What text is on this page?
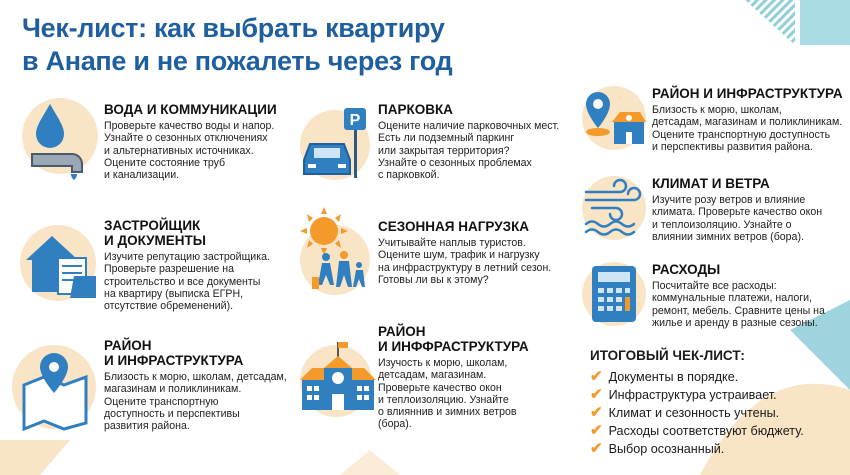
Чек-лист: как выбрать квартиру
в Анапе и не пожалеть через год
P
ВОДА И КОММУНИКАЦИИ

Проверьте качество воды и напор.
Узнайте о сезонных отключениях
и альтернативных источниках.
Оцените состояние труб
и канализации.

ЗАСТРОЙЩИК
И ДОКУМЕНТЫ

Изучите репутацию застройщика.
Проверьте разрешение на
строительство и все документы
на квартиру (выписка ЕГРН,
отсутствие обременений).

РАЙОН
И ИНФРАСТРУКТУРА

Близость к морю, школам, детсадам,
магазинам и поликлиникам.
Оцените транспортную
доступность и перспективы
развития района.

ПАРКОВКА

Оцените наличие парковочных мест.
Есть ли подземный паркинг
или закрытая территория?
Узнайте о сезонных проблемах
с парковкой.

СЕЗОННАЯ НАГРУЗКА

Учитывайте наплыв туристов.
Оцените шум, трафик и нагрузку
на инфраструктуру в летний сезон.
Готовы ли вы к этому?

РАЙОН
И ИНФФРАСТРУКТУРА

Изучость к морю, школам,
детсадам, магазинам.
Проверьте качество окон
и теплоизоляцию. Узнайте
о влияннив и зимних ветров
(бора).

РАЙОН И ИНФРАСТРУКТУРА

Близость к морю, школам,
детсадам, магазинам и поликлиникам.
Оцените транспортную доступность
и перспективы развития района.

КЛИМАТ И ВЕТРА

Изучите розу ветров и влияние
климата. Проверьте качество окон
и теплоизоляцию. Узнайте о
влиянии зимних ветров (бора).

РАСХОДЫ

Посчитайте все расходы:
коммунальные платежи, налоги,
ремонт, мебель. Сравните цены на
жилье и аренду в разные сезоны.

ИТОГОВЫЙ ЧЕК-ЛИСТ:
✔ Документы в порядке.
✔ Инфраструктура устраивает.
✔ Климат и сезонность учтены.
✔ Расходы соответствуют бюджету.
✔ Выбор осознанный.
